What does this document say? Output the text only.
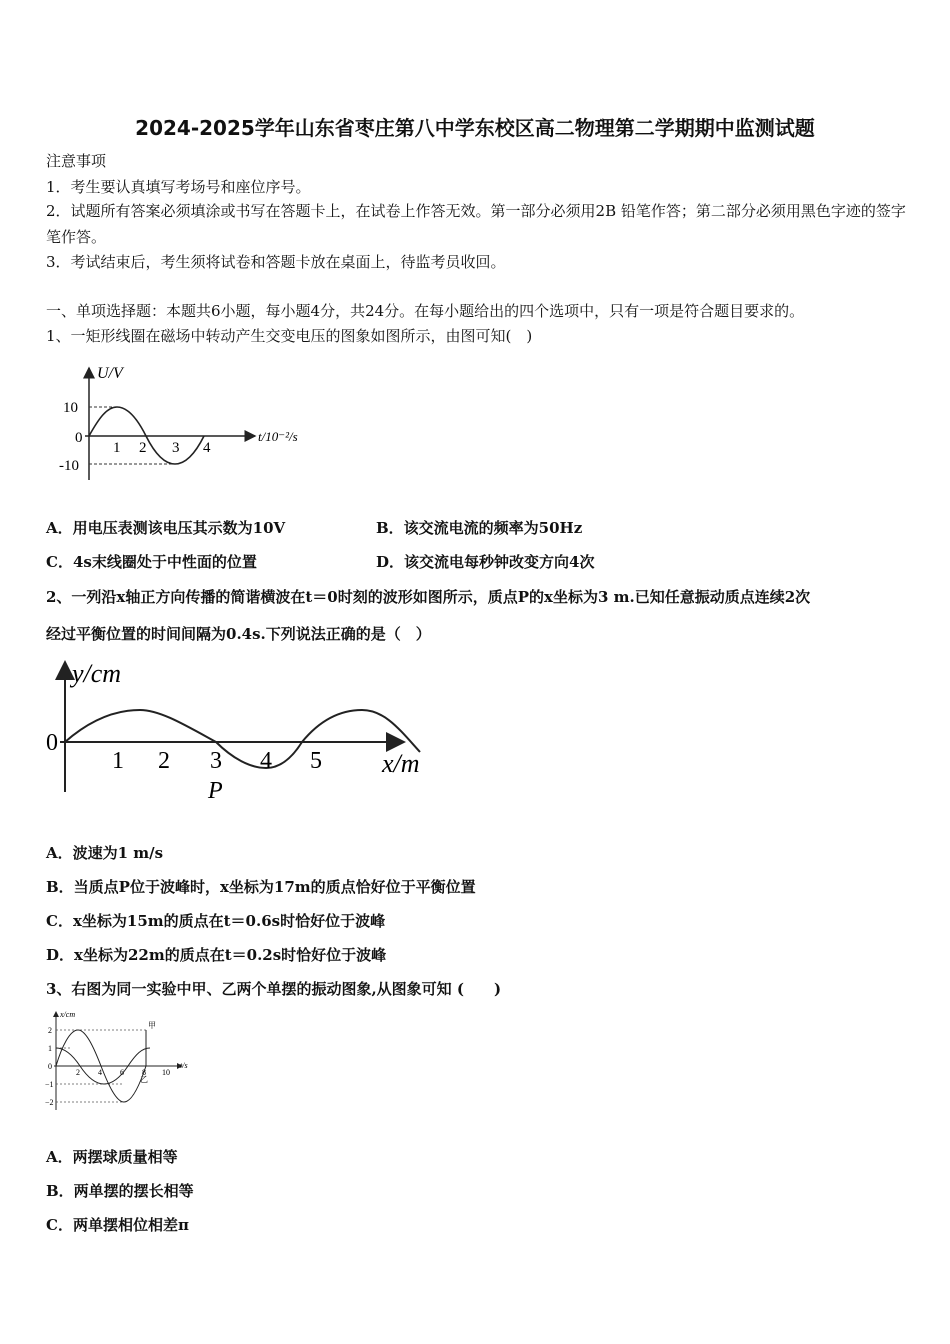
2024-2025学年山东省枣庄第八中学东校区高二物理第二学期期中监测试题
注意事项
1．考生要认真填写考场号和座位序号。
2．试题所有答案必须填涂或书写在答题卡上，在试卷上作答无效。第一部分必须用2B 铅笔作答；第二部分必须用黑色字迹的签字笔作答。
3．考试结束后，考生须将试卷和答题卡放在桌面上，待监考员收回。
一、单项选择题：本题共6小题，每小题4分，共24分。在每小题给出的四个选项中，只有一项是符合题目要求的。
1、一矩形线圈在磁场中转动产生交变电压的图象如图所示，由图可知(　)
U/V
10
0
-10
1 2 3 4
t/10⁻²/s
A．用电压表测该电压其示数为10V	B．该交流电流的频率为50Hz
C．4s末线圈处于中性面的位置	D．该交流电每秒钟改变方向4次
2、一列沿x轴正方向传播的简谐横波在t＝0时刻的波形如图所示，质点P的x坐标为3 m.已知任意振动质点连续2次
经过平衡位置的时间间隔为0.4s.下列说法正确的是（　）
y/cm
0
1 2 3 4 5
P
x/m
A．波速为1 m/s
B．当质点P位于波峰时，x坐标为17m的质点恰好位于平衡位置
C．x坐标为15m的质点在t＝0.6s时恰好位于波峰
D．x坐标为22m的质点在t＝0.2s时恰好位于波峰
3、右图为同一实验中甲、乙两个单摆的振动图象,从图象可知 (　　)
x/cm
2
1
0
−1
−2
2 4 6 8 10
t/s
甲
乙
A．两摆球质量相等
B．两单摆的摆长相等
C．两单摆相位相差π
